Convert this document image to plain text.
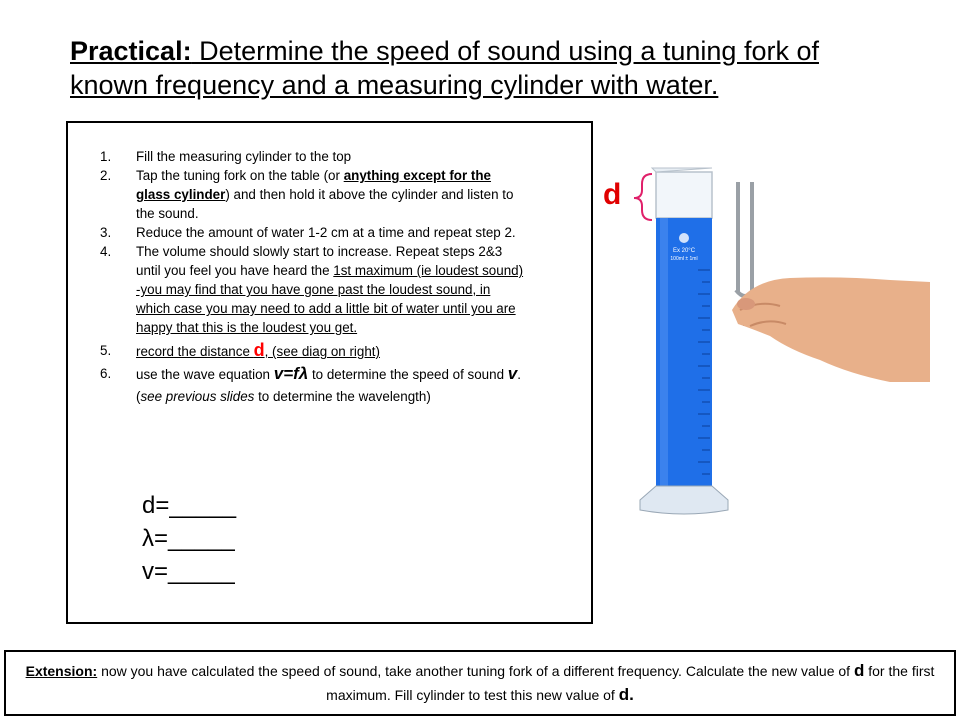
Practical: Determine the speed of sound using a tuning fork of known frequency and a measuring cylinder with water.
1. Fill the measuring cylinder to the top
2. Tap the tuning fork on the table (or anything except for the glass cylinder) and then hold it above the cylinder and listen to the sound.
3. Reduce the amount of water 1-2 cm at a time and repeat step 2.
4. The volume should slowly start to increase. Repeat steps 2&3 until you feel you have heard the 1st maximum (ie loudest sound) -you may find that you have gone past the loudest sound, in which case you may need to add a little bit of water until you are happy that this is the loudest you get.
5. record the distance d, (see diag on right)
6. use the wave equation v=fλ to determine the speed of sound v.
(see previous slides to determine the wavelength)
d=_____
λ=_____
v=_____
d
Ex 20°C
100ml ± 1ml
Extension: now you have calculated the speed of sound, take another tuning fork of a different frequency. Calculate the new value of d for the first maximum. Fill cylinder to test this new value of d.
